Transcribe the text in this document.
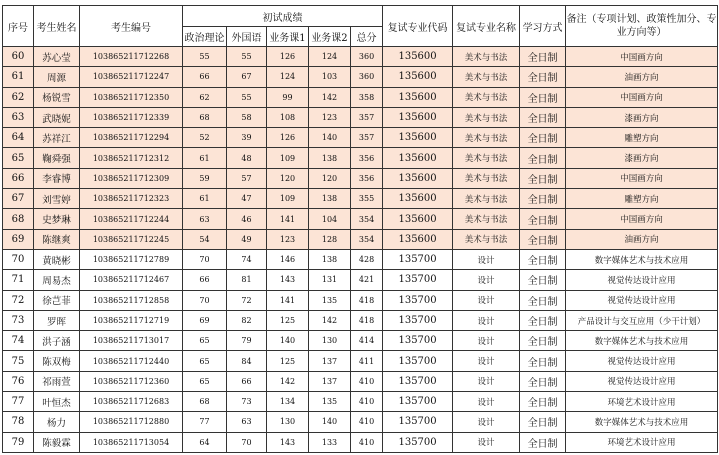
序号	考生姓名	考生编号	初试成绩					复试专业代码	复试专业名称	学习方式	备注（专项计划、政策性加分、专业方向等）
			政治理论	外国语	业务课1	业务课2	总分				
60	苏心莹	103865211712268	55	55	126	124	360	135600	美术与书法	全日制	中国画方向
61	周源	103865211712247	66	67	124	103	360	135600	美术与书法	全日制	油画方向
62	杨锐雪	103865211712350	62	55	99	142	358	135600	美术与书法	全日制	中国画方向
63	武晓妮	103865211712339	68	58	108	123	357	135600	美术与书法	全日制	漆画方向
64	苏祥江	103865211712294	52	39	126	140	357	135600	美术与书法	全日制	雕塑方向
65	鞠舜强	103865211712312	61	48	109	138	356	135600	美术与书法	全日制	漆画方向
66	李睿博	103865211712309	59	57	120	120	356	135600	美术与书法	全日制	中国画方向
67	刘雪婷	103865211712323	61	47	109	138	355	135600	美术与书法	全日制	雕塑方向
68	史梦琳	103865211712244	63	46	141	104	354	135600	美术与书法	全日制	中国画方向
69	陈继爽	103865211712245	54	49	123	128	354	135600	美术与书法	全日制	油画方向
70	黄晓彬	103865211712789	70	74	146	138	428	135700	设计	全日制	数字媒体艺术与技术应用
71	周易杰	103865211712467	66	81	143	131	421	135700	设计	全日制	视觉传达设计应用
72	徐芑菲	103865211712858	70	72	141	135	418	135700	设计	全日制	视觉传达设计应用
73	罗晖	103865211712719	69	82	125	142	418	135700	设计	全日制	产品设计与交互应用（少干计划）
74	洪子涵	103865211713017	65	79	140	130	414	135700	设计	全日制	数字媒体艺术与技术应用
75	陈双梅	103865211712440	65	84	125	137	411	135700	设计	全日制	视觉传达设计应用
76	祁雨萱	103865211712360	65	66	142	137	410	135700	设计	全日制	视觉传达设计应用
77	叶恒杰	103865211712683	68	73	134	135	410	135700	设计	全日制	环境艺术设计应用
78	杨力	103865211712880	77	63	130	140	410	135700	设计	全日制	数字媒体艺术与技术应用
79	陈毅霖	103865211713054	64	70	143	133	410	135700	设计	全日制	环境艺术设计应用
